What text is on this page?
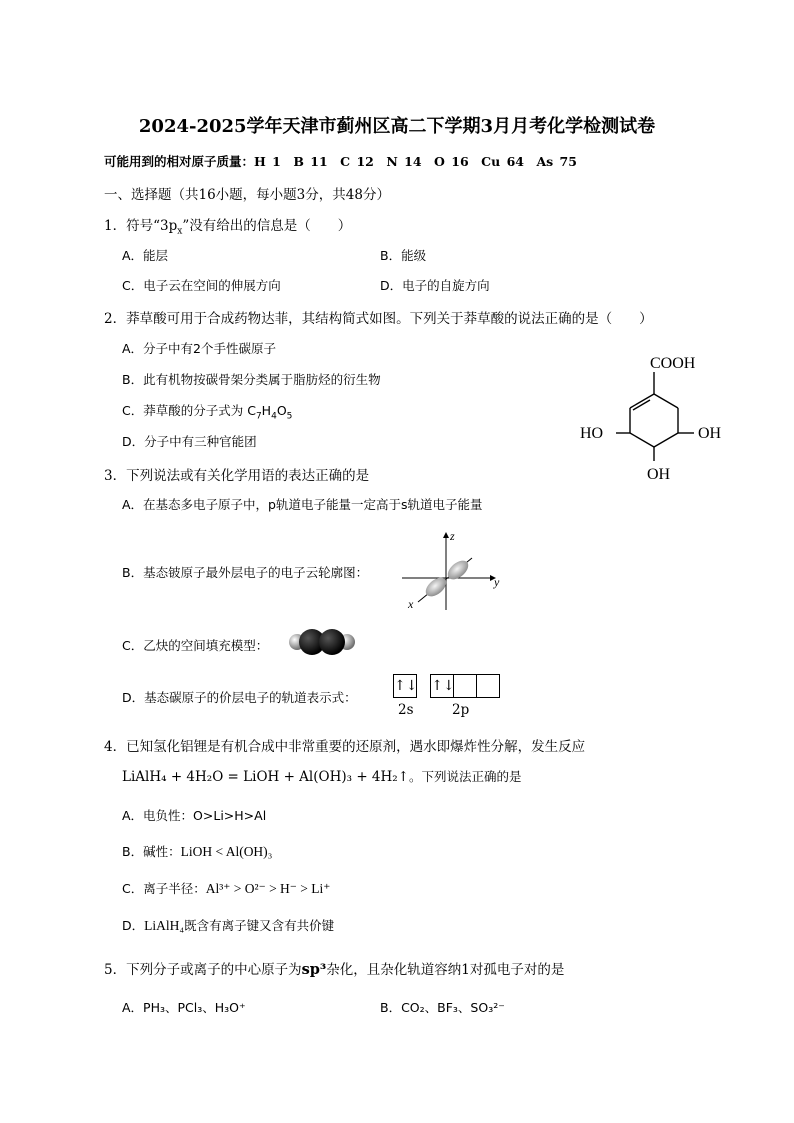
2024-2025学年天津市蓟州区高二下学期3月月考化学检测试卷
可能用到的相对原子质量：H 1　B 11　C 12　N 14　O 16　Cu 64　As 75
一、选择题（共16小题，每小题3分，共48分）
1．符号“$3p_x$”没有给出的信息是（　　）
A．能层	B．能级
C．电子云在空间的伸展方向	D．电子的自旋方向
2．莽草酸可用于合成药物达菲，其结构简式如图。下列关于莽草酸的说法正确的是（　　）
A．分子中有2个手性碳原子
B．此有机物按碳骨架分类属于脂肪烃的衍生物
C．莽草酸的分子式为 $C_7H_4O_5$
D．分子中有三种官能团
COOH
HO	OH
OH
3．下列说法或有关化学用语的表达正确的是
A．在基态多电子原子中，p轨道电子能量一定高于s轨道电子能量
B．基态铍原子最外层电子的电子云轮廓图：
z
y
x
C．乙炔的空间填充模型：
D．基态碳原子的价层电子的轨道表示式：
↑↓ ↑↓
2s	2p
4．已知氢化铝锂是有机合成中非常重要的还原剂，遇水即爆炸性分解，发生反应
LiAlH₄ + 4H₂O = LiOH + Al(OH)₃ + 4H₂↑。下列说法正确的是
A．电负性：O>Li>H>Al
B．碱性：LiOH < Al(OH)₃
C．离子半径：Al³⁺ > O²⁻ > H⁻ > Li⁺
D．LiAlH₄既含有离子键又含有共价键
5．下列分子或离子的中心原子为sp³杂化，且杂化轨道容纳1对孤电子对的是
A．PH₃、PCl₃、H₃O⁺	B．CO₂、BF₃、SO₃²⁻
